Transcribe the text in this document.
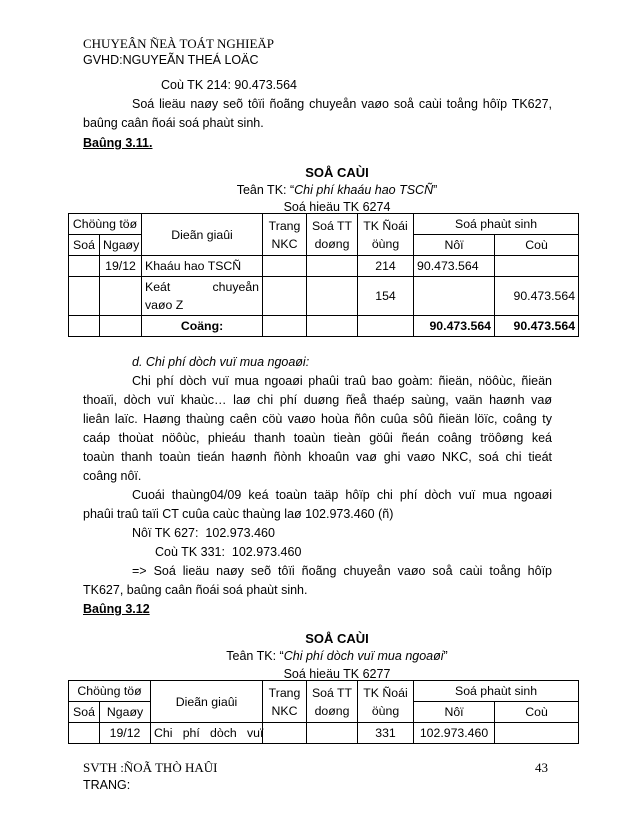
CHUYEÂN ÑEÀ TOÁT NGHIEÄP
GVHD:NGUYEÃN THEÁ LOÄC
Coù TK 214: 90.473.564
Soá lieäu naøy seõ tôïi ñoãng chuyeån vaøo soå caùi toång hôïp TK627,
baûng caân ñoái soá phaùt sinh.
Baûng 3.11.
SOÅ CAÙI
Teân TK: “Chi phí khaáu hao TSCÑ”
Soá hieäu TK 6274
Chöùng töø		Dieãn giaûi	Trang NKC	Soá TT doøng	TK Ñoái öùng	Soá phaùt sinh	
Soá	Ngaøy					Nôï	Coù
	19/12	Khaáu hao TSCÑ			214	90.473.564	

		Keát        chuyeån
vaøo Z			154		90.473.564
		Coäng:				90.473.564	90.473.564
d. Chi phí dòch vuï mua ngoaøi:
Chi phí dòch vuï mua ngoaøi phaûi traû bao goàm: ñieän, nöôùc, ñieän
thoaïi, dòch vuï khaùc… laø chi phí duøng ñeå thaép saùng, vaän haønh vaø
lieân laïc. Haøng thaùng caên cöù vaøo hoùa ñôn cuûa sôû ñieän löïc, coâng ty
caáp thoùat nöôùc, phieáu thanh toaùn tieàn göûi ñeán coâng tröôøng keá
toaùn thanh toaùn tieán haønh ñònh khoaûn vaø ghi vaøo NKC, soá chi tieát
coâng nôï.
Cuoái thaùng04/09 keá toaùn taäp hôïp chi phí dòch vuï mua ngoaøi
phaûi traû taïi CT cuûa caùc thaùng laø 102.973.460 (ñ)
Nôï TK 627:  102.973.460
Coù TK 331:  102.973.460
=> Soá lieäu naøy seõ tôïi ñoãng chuyeån vaøo soå caùi toång hôïp
TK627, baûng caân ñoái soá phaùt sinh.
Baûng 3.12
SOÅ CAÙI
Teân TK: “Chi phí dòch vuï mua ngoaøi”
Soá hieäu TK 6277
Chöùng töø		Dieãn giaûi	Trang NKC	Soá TT doøng	TK Ñoái öùng	Soá phaùt sinh	
Soá	Ngaøy					Nôï	Coù
	19/12	Chi   phí   dòch   vuï			331	102.973.460	
SVTH :ÑOÃ THÒ HAÛI
TRANG:
43
